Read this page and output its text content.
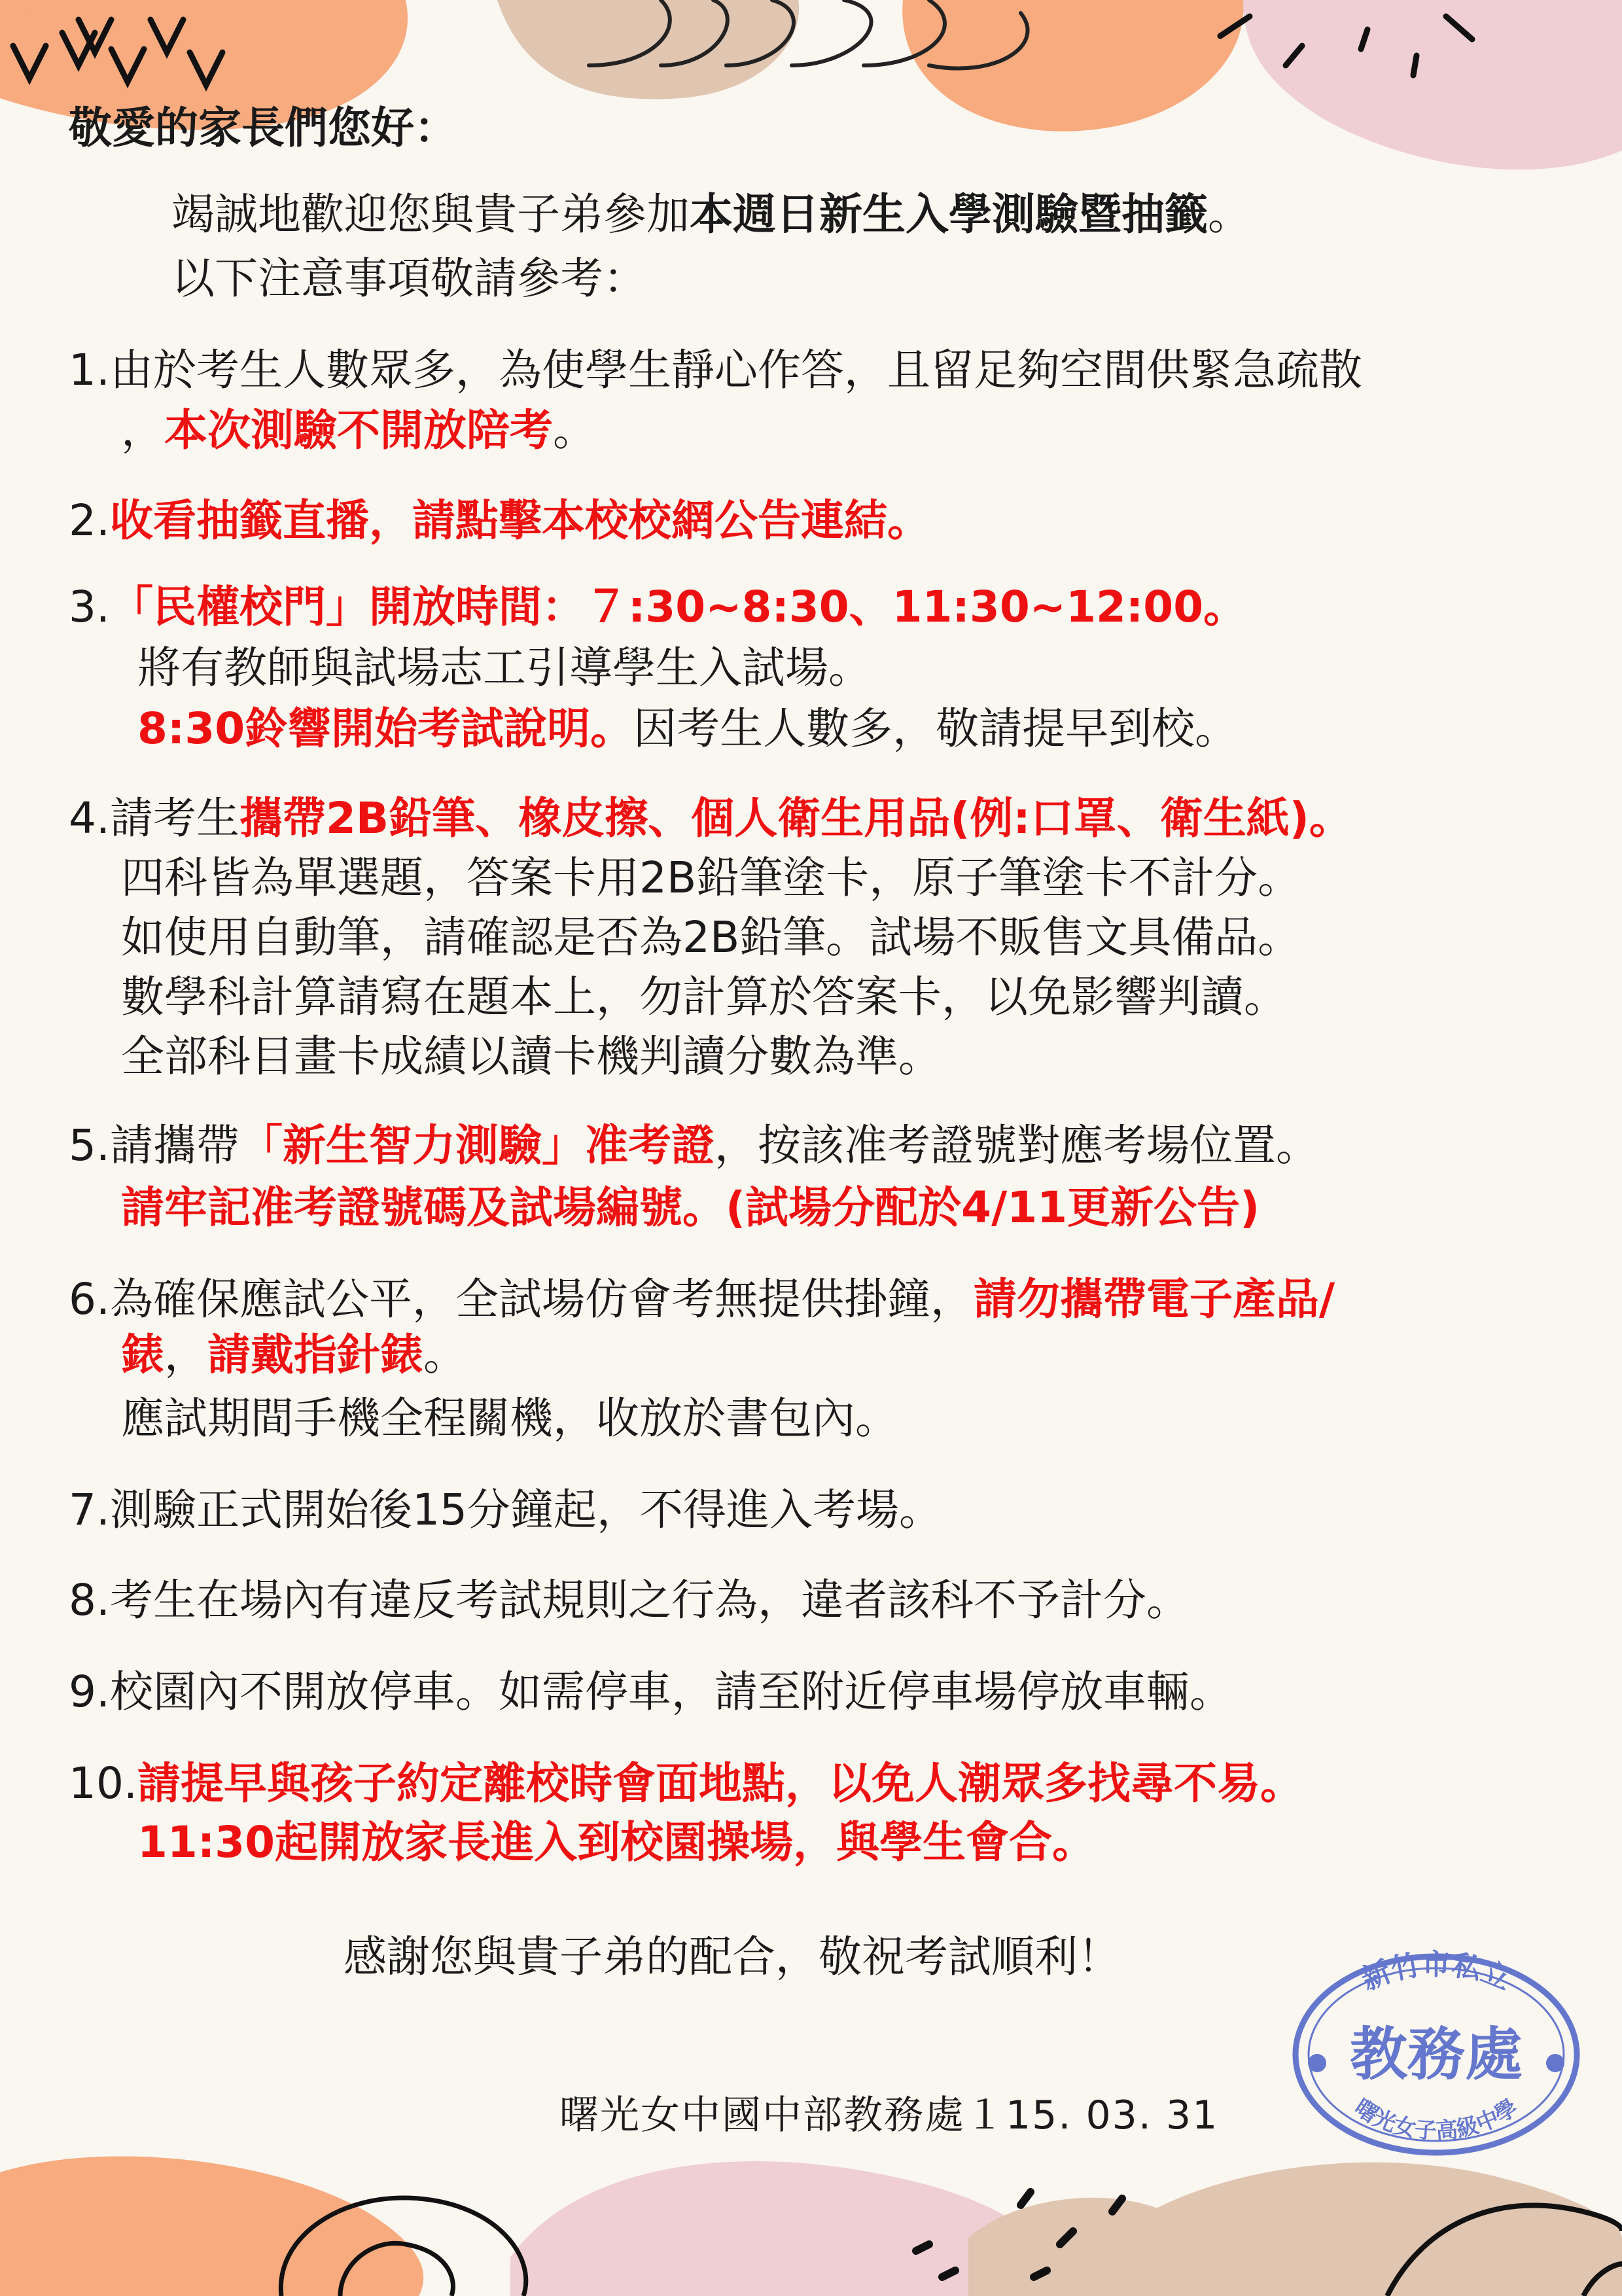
敬愛的家長們您好：
竭誠地歡迎您與貴子弟參加本週日新生入學測驗暨抽籤。
以下注意事項敬請參考：
1.由於考生人數眾多，為使學生靜心作答，且留足夠空間供緊急疏散
，本次測驗不開放陪考。
2.收看抽籤直播，請點擊本校校網公告連結。
3.「民權校門」開放時間：７:30~8:30、11:30~12:00。
將有教師與試場志工引導學生入試場。
8:30鈴響開始考試說明。因考生人數多，敬請提早到校。
4.請考生攜帶2B鉛筆、橡皮擦、個人衛生用品(例:口罩、衛生紙)。
四科皆為單選題，答案卡用2B鉛筆塗卡，原子筆塗卡不計分。
如使用自動筆，請確認是否為2B鉛筆。試場不販售文具備品。
數學科計算請寫在題本上，勿計算於答案卡，以免影響判讀。
全部科目畫卡成績以讀卡機判讀分數為準。
5.請攜帶「新生智力測驗」准考證，按該准考證號對應考場位置。
請牢記准考證號碼及試場編號。(試場分配於4/11更新公告)
6.為確保應試公平，全試場仿會考無提供掛鐘，請勿攜帶電子產品/
錶，請戴指針錶。
應試期間手機全程關機，收放於書包內。
7.測驗正式開始後15分鐘起，不得進入考場。
8.考生在場內有違反考試規則之行為，違者該科不予計分。
9.校園內不開放停車。如需停車，請至附近停車場停放車輛。
10.請提早與孩子約定離校時會面地點，以免人潮眾多找尋不易。
11:30起開放家長進入到校園操場，與學生會合。
感謝您與貴子弟的配合，敬祝考試順利！
曙光女中國中部教務處１15. 03. 31
新竹市私立
教務處
曙光女子高級中學
